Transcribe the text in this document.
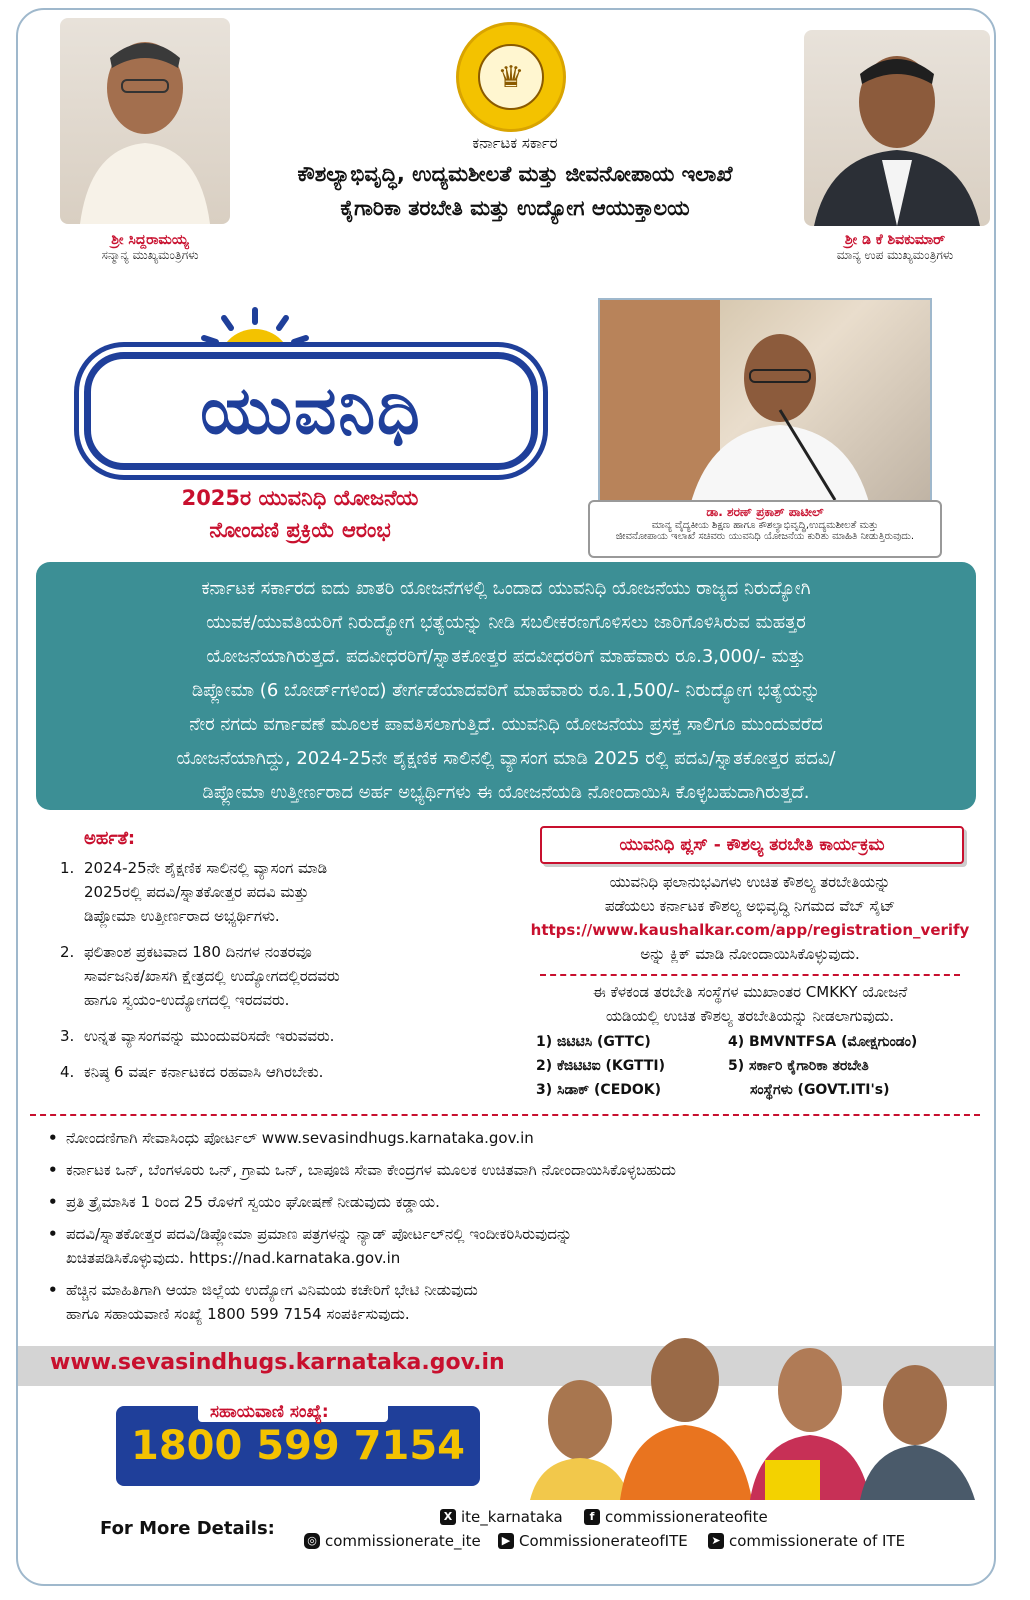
ಶ್ರೀ ಸಿದ್ದರಾಮಯ್ಯ
ಸನ್ಮಾನ್ಯ ಮುಖ್ಯಮಂತ್ರಿಗಳು
ಶ್ರೀ ಡಿ ಕೆ ಶಿವಕುಮಾರ್
ಮಾನ್ಯ ಉಪ ಮುಖ್ಯಮಂತ್ರಿಗಳು
♛
ಕರ್ನಾಟಕ ಸರ್ಕಾರ
ಕೌಶಲ್ಯಾಭಿವೃದ್ಧಿ, ಉದ್ಯಮಶೀಲತೆ ಮತ್ತು ಜೀವನೋಪಾಯ ಇಲಾಖೆ
ಕೈಗಾರಿಕಾ ತರಬೇತಿ ಮತ್ತು ಉದ್ಯೋಗ ಆಯುಕ್ತಾಲಯ
ಯುವನಿಧಿ
2025ರ ಯುವನಿಧಿ ಯೋಜನೆಯ
ನೋಂದಣಿ ಪ್ರಕ್ರಿಯೆ ಆರಂಭ
ಡಾ. ಶರಣ್ ಪ್ರಕಾಶ್ ಪಾಟೀಲ್
ಮಾನ್ಯ ವೈದ್ಯಕೀಯ ಶಿಕ್ಷಣ ಹಾಗೂ ಕೌಶಲ್ಯಾಭಿವೃದ್ಧಿ,ಉದ್ಯಮಶೀಲತೆ ಮತ್ತು
ಜೀವನೋಪಾಯ ಇಲಾಖೆ ಸಚಿವರು ಯುವನಿಧಿ ಯೋಜನೆಯ ಕುರಿತು ಮಾಹಿತಿ ನೀಡುತ್ತಿರುವುದು.
ಕರ್ನಾಟಕ ಸರ್ಕಾರದ ಐದು ಖಾತರಿ ಯೋಜನೆಗಳಲ್ಲಿ ಒಂದಾದ ಯುವನಿಧಿ ಯೋಜನೆಯು ರಾಜ್ಯದ ನಿರುದ್ಯೋಗಿ
ಯುವಕ/ಯುವತಿಯರಿಗೆ ನಿರುದ್ಯೋಗ ಭತ್ಯೆಯನ್ನು ನೀಡಿ ಸಬಲೀಕರಣಗೊಳಿಸಲು ಜಾರಿಗೊಳಿಸಿರುವ ಮಹತ್ತರ
ಯೋಜನೆಯಾಗಿರುತ್ತದೆ. ಪದವೀಧರರಿಗೆ/ಸ್ನಾತಕೋತ್ತರ ಪದವೀಧರರಿಗೆ ಮಾಹೆವಾರು ರೂ.3,000/- ಮತ್ತು
ಡಿಪ್ಲೋಮಾ (6 ಬೋರ್ಡ್‌ಗಳಿಂದ) ತೇರ್ಗಡೆಯಾದವರಿಗೆ ಮಾಹೆವಾರು ರೂ.1,500/- ನಿರುದ್ಯೋಗ ಭತ್ಯೆಯನ್ನು
ನೇರ ನಗದು ವರ್ಗಾವಣೆ ಮೂಲಕ ಪಾವತಿಸಲಾಗುತ್ತಿದೆ. ಯುವನಿಧಿ ಯೋಜನೆಯು ಪ್ರಸಕ್ತ ಸಾಲಿಗೂ ಮುಂದುವರೆದ
ಯೋಜನೆಯಾಗಿದ್ದು, 2024-25ನೇ ಶೈಕ್ಷಣಿಕ ಸಾಲಿನಲ್ಲಿ ವ್ಯಾಸಂಗ ಮಾಡಿ 2025 ರಲ್ಲಿ ಪದವಿ/ಸ್ನಾತಕೋತ್ತರ ಪದವಿ/
ಡಿಪ್ಲೋಮಾ ಉತ್ತೀರ್ಣರಾದ ಅರ್ಹ ಅಭ್ಯರ್ಥಿಗಳು ಈ ಯೋಜನೆಯಡಿ ನೋಂದಾಯಿಸಿ ಕೊಳ್ಳಬಹುದಾಗಿರುತ್ತದೆ.
ಅರ್ಹತೆ:
1. 2024-25ನೇ ಶೈಕ್ಷಣಿಕ ಸಾಲಿನಲ್ಲಿ ವ್ಯಾಸಂಗ ಮಾಡಿ
2025ರಲ್ಲಿ ಪದವಿ/ಸ್ನಾತಕೋತ್ತರ ಪದವಿ ಮತ್ತು
ಡಿಪ್ಲೋಮಾ ಉತ್ತೀರ್ಣರಾದ ಅಭ್ಯರ್ಥಿಗಳು.
2. ಫಲಿತಾಂಶ ಪ್ರಕಟವಾದ 180 ದಿನಗಳ ನಂತರವೂ
ಸಾರ್ವಜನಿಕ/ಖಾಸಗಿ ಕ್ಷೇತ್ರದಲ್ಲಿ ಉದ್ಯೋಗದಲ್ಲಿರದವರು
ಹಾಗೂ ಸ್ವಯಂ-ಉದ್ಯೋಗದಲ್ಲಿ ಇರದವರು.
3. ಉನ್ನತ ವ್ಯಾಸಂಗವನ್ನು ಮುಂದುವರಿಸದೇ ಇರುವವರು.
4. ಕನಿಷ್ಠ 6 ವರ್ಷ ಕರ್ನಾಟಕದ ರಹವಾಸಿ ಆಗಿರಬೇಕು.
ಯುವನಿಧಿ ಪ್ಲಸ್ - ಕೌಶಲ್ಯ ತರಬೇತಿ ಕಾರ್ಯಕ್ರಮ
ಯುವನಿಧಿ ಫಲಾನುಭವಿಗಳು ಉಚಿತ ಕೌಶಲ್ಯ ತರಬೇತಿಯನ್ನು
ಪಡೆಯಲು ಕರ್ನಾಟಕ ಕೌಶಲ್ಯ ಅಭಿವೃದ್ಧಿ ನಿಗಮದ ವೆಬ್ ಸೈಟ್
https://www.kaushalkar.com/app/registration_verify
ಅನ್ನು ಕ್ಲಿಕ್ ಮಾಡಿ ನೋಂದಾಯಿಸಿಕೊಳ್ಳುವುದು.
ಈ ಕೆಳಕಂಡ ತರಬೇತಿ ಸಂಸ್ಥೆಗಳ ಮುಖಾಂತರ CMKKY ಯೋಜನೆ
ಯಡಿಯಲ್ಲಿ ಉಚಿತ ಕೌಶಲ್ಯ ತರಬೇತಿಯನ್ನು ನೀಡಲಾಗುವುದು.
1) ಜಿಟಿಟಿಸಿ (GTTC)
2) ಕೆಜಿಟಿಟಿಐ (KGTTI)
3) ಸಿಡಾಕ್ (CEDOK)
4) BMVNTFSA (ಮೋಕ್ಷಗುಂಡಂ)
5) ಸರ್ಕಾರಿ ಕೈಗಾರಿಕಾ ತರಬೇತಿ
ಸಂಸ್ಥೆಗಳು (GOVT.ITI's)
• ನೋಂದಣಿಗಾಗಿ ಸೇವಾಸಿಂಧು ಪೋರ್ಟಲ್ www.sevasindhugs.karnataka.gov.in
• ಕರ್ನಾಟಕ ಒನ್, ಬೆಂಗಳೂರು ಒನ್, ಗ್ರಾಮ ಒನ್, ಬಾಪೂಜಿ ಸೇವಾ ಕೇಂದ್ರಗಳ ಮೂಲಕ ಉಚಿತವಾಗಿ ನೋಂದಾಯಿಸಿಕೊಳ್ಳಬಹುದು
• ಪ್ರತಿ ತ್ರೈಮಾಸಿಕ 1 ರಿಂದ 25 ರೊಳಗೆ ಸ್ವಯಂ ಘೋಷಣೆ ನೀಡುವುದು ಕಡ್ಡಾಯ.
• ಪದವಿ/ಸ್ನಾತಕೋತ್ತರ ಪದವಿ/ಡಿಪ್ಲೋಮಾ ಪ್ರಮಾಣ ಪತ್ರಗಳನ್ನು ನ್ಯಾಡ್ ಪೋರ್ಟಲ್‌ನಲ್ಲಿ ಇಂದೀಕರಿಸಿರುವುದನ್ನು
ಖಚಿತಪಡಿಸಿಕೊಳ್ಳುವುದು. https://nad.karnataka.gov.in
• ಹೆಚ್ಚಿನ ಮಾಹಿತಿಗಾಗಿ ಆಯಾ ಜಿಲ್ಲೆಯ ಉದ್ಯೋಗ ವಿನಿಮಯ ಕಚೇರಿಗೆ ಭೇಟಿ ನೀಡುವುದು
ಹಾಗೂ ಸಹಾಯವಾಣಿ ಸಂಖ್ಯೆ 1800 599 7154 ಸಂಪರ್ಕಿಸುವುದು.
www.sevasindhugs.karnataka.gov.in
1800 599 7154
ಸಹಾಯವಾಣಿ ಸಂಖ್ಯೆ:
For More Details:
X ite_karnataka	f commissionerateofite
◎ commissionerate_ite	▶ CommissionerateofITE	➤ commissionerate of ITE
